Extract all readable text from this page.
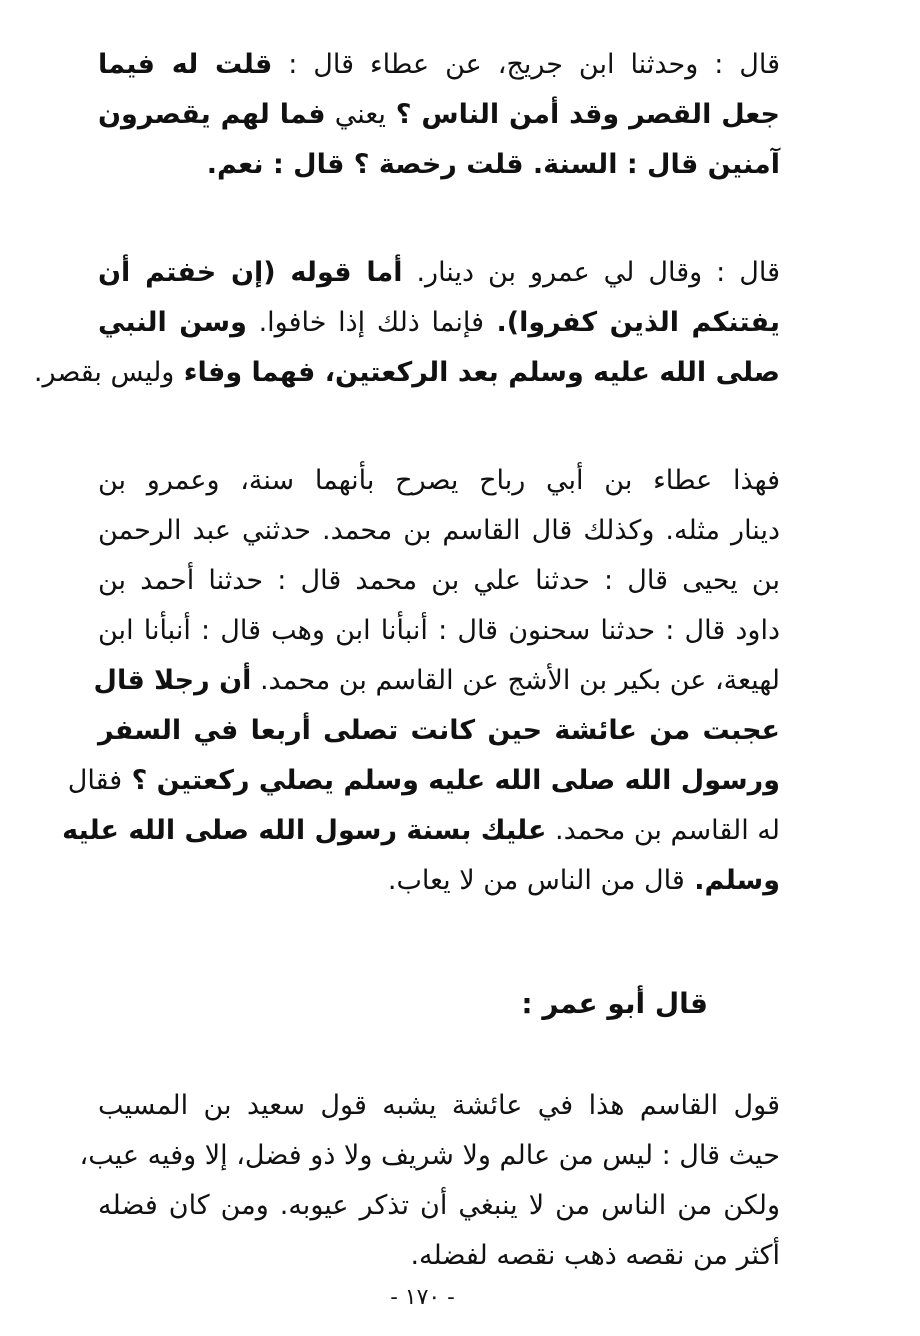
قال : وحدثنا ابن جريج، عن عطاء قال : قلت له فيما
جعل القصر وقد أمن الناس ؟ يعني فما لهم يقصرون
آمنين قال : السنة. قلت رخصة ؟ قال : نعم.
قال : وقال لي عمرو بن دينار. أما قوله (إن خفتم أن
يفتنكم الذين كفروا). فإنما ذلك إذا خافوا. وسن النبي
صلى الله عليه وسلم بعد الركعتين، فهما وفاء وليس بقصر.
فهذا عطاء بن أبي رباح يصرح بأنهما سنة، وعمرو بن
دينار مثله. وكذلك قال القاسم بن محمد. حدثني عبد الرحمن
بن يحيى قال : حدثنا علي بن محمد قال : حدثنا أحمد بن
داود قال : حدثنا سحنون قال : أنبأنا ابن وهب قال : أنبأنا ابن
لهيعة، عن بكير بن الأشج عن القاسم بن محمد. أن رجلا قال
عجبت من عائشة حين كانت تصلى أربعا في السفر
ورسول الله صلى الله عليه وسلم يصلي ركعتين ؟ فقال
له القاسم بن محمد. عليك بسنة رسول الله صلى الله عليه
وسلم. قال من الناس من لا يعاب.
قال أبو عمر :
قول القاسم هذا في عائشة يشبه قول سعيد بن المسيب
حيث قال : ليس من عالم ولا شريف ولا ذو فضل، إلا وفيه عيب،
ولكن من الناس من لا ينبغي أن تذكر عيوبه. ومن كان فضله
أكثر من نقصه ذهب نقصه لفضله.
- ١٧٠ -
